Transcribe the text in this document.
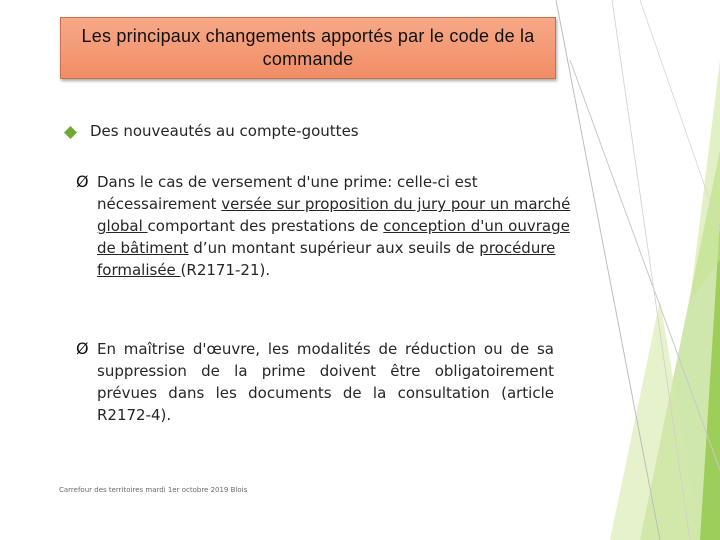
Les principaux changements apportés par le code de la commande
Des nouveautés au compte-gouttes
Ø Dans le cas de versement d'une prime: celle-ci est nécessairement versée sur proposition du jury pour un marché global comportant des prestations de conception d'un ouvrage de bâtiment d’un montant supérieur aux seuils de procédure formalisée (R2171-21).
Ø En maîtrise d'œuvre, les modalités de réduction ou de sa suppression de la prime doivent être obligatoirement prévues dans les documents de la consultation (article R2172-4).
Carrefour des territoires mardi 1er octobre 2019 Blois
